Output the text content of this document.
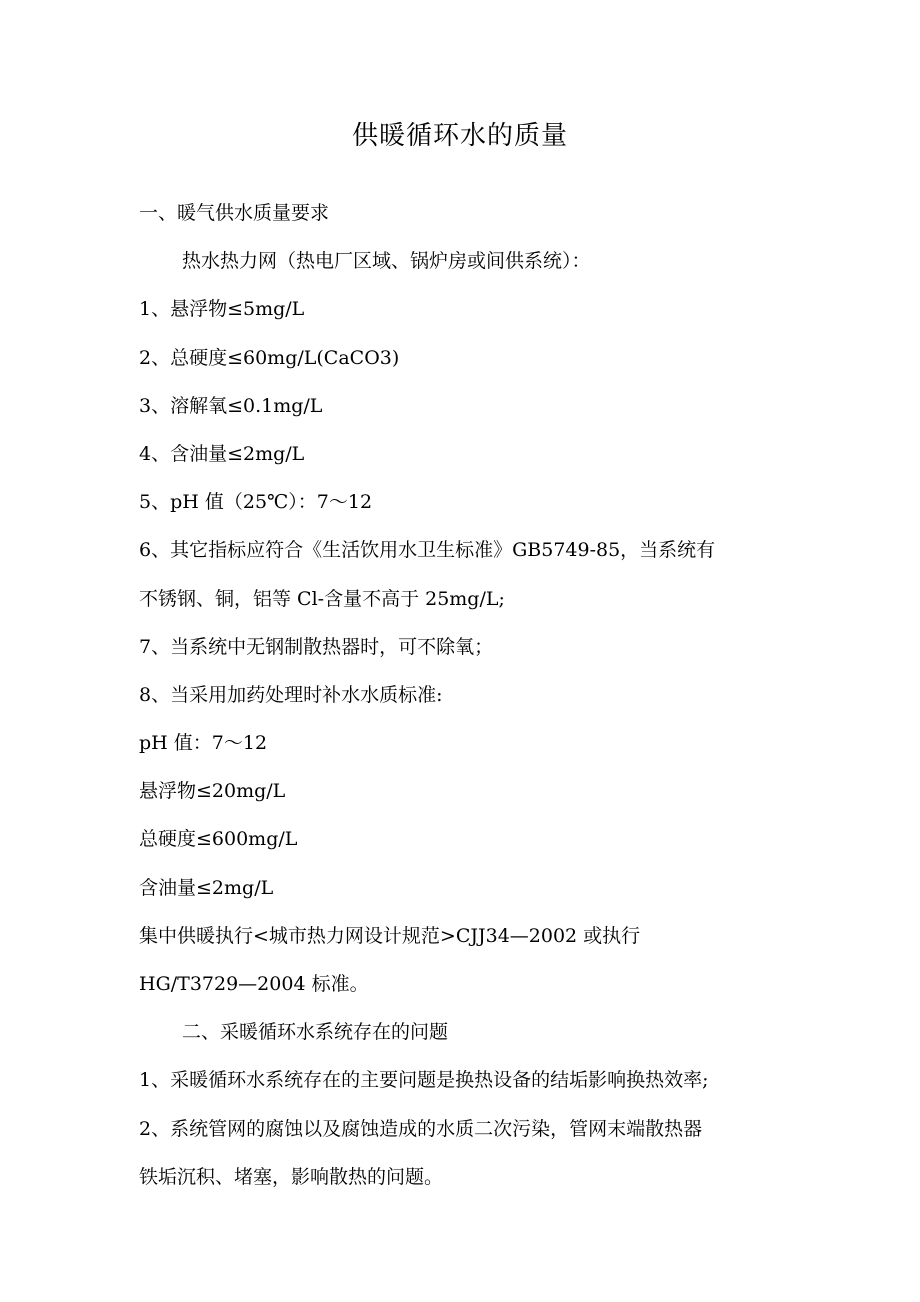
供暖循环水的质量
一、暖气供水质量要求
热水热力网（热电厂区域、锅炉房或间供系统）：
1、悬浮物≤5mg/L
2、总硬度≤60mg/L(CaCO3)
3、溶解氧≤0.1mg/L
4、含油量≤2mg/L
5、pH 值（25℃）：7～12
6、其它指标应符合《生活饮用水卫生标准》GB5749-85，当系统有
不锈钢、铜，铝等 Cl-含量不高于 25mg/L;
7、当系统中无钢制散热器时，可不除氧；
8、当采用加药处理时补水水质标准:
pH 值：7～12
悬浮物≤20mg/L
总硬度≤600mg/L
含油量≤2mg/L
集中供暖执行<城市热力网设计规范>CJJ34—2002 或执行
HG/T3729—2004 标准。
二、采暖循环水系统存在的问题
1、采暖循环水系统存在的主要问题是换热设备的结垢影响换热效率;
2、系统管网的腐蚀以及腐蚀造成的水质二次污染，管网末端散热器
铁垢沉积、堵塞，影响散热的问题。
